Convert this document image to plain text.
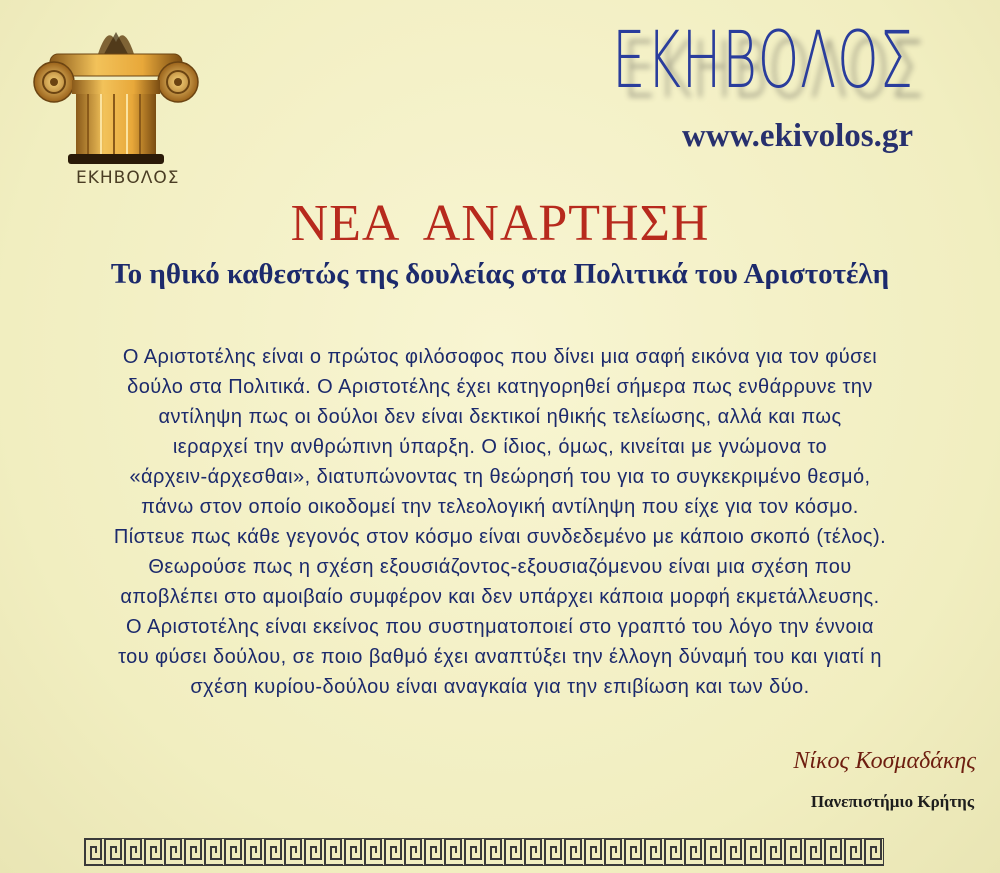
ΕΚΗΒΟΛΟΣ

ΕΚΗΒΟΛΟΣ

www.ekivolos.gr

ΝΕΑ  ΑΝΑΡΤΗΣΗ
Το ηθικό καθεστώς της δουλείας στα Πολιτικά του Αριστοτέλη

Ο Αριστοτέλης είναι ο πρώτος φιλόσοφος που δίνει μια σαφή εικόνα για τον φύσει
δούλο στα Πολιτικά. Ο Αριστοτέλης έχει κατηγορηθεί σήμερα πως ενθάρρυνε την
αντίληψη πως οι δούλοι δεν είναι δεκτικοί ηθικής τελείωσης, αλλά και πως
ιεραρχεί την ανθρώπινη ύπαρξη. Ο ίδιος, όμως, κινείται με γνώμονα το
«άρχειν-άρχεσθαι», διατυπώνοντας τη θεώρησή του για το συγκεκριμένο θεσμό,
πάνω στον οποίο οικοδομεί την τελεολογική αντίληψη που είχε για τον κόσμο.
Πίστευε πως κάθε γεγονός στον κόσμο είναι συνδεδεμένο με κάποιο σκοπό (τέλος).
Θεωρούσε πως η σχέση εξουσιάζοντος-εξουσιαζόμενου είναι μια σχέση που
αποβλέπει στο αμοιβαίο συμφέρον και δεν υπάρχει κάποια μορφή εκμετάλλευσης.
Ο Αριστοτέλης είναι εκείνος που συστηματοποιεί στο γραπτό του λόγο την έννοια
του φύσει δούλου, σε ποιο βαθμό έχει αναπτύξει την έλλογη δύναμή του και γιατί η
σχέση κυρίου-δούλου είναι αναγκαία για την επιβίωση και των δύο.

Νίκος Κοσμαδάκης

Πανεπιστήμιο Κρήτης
